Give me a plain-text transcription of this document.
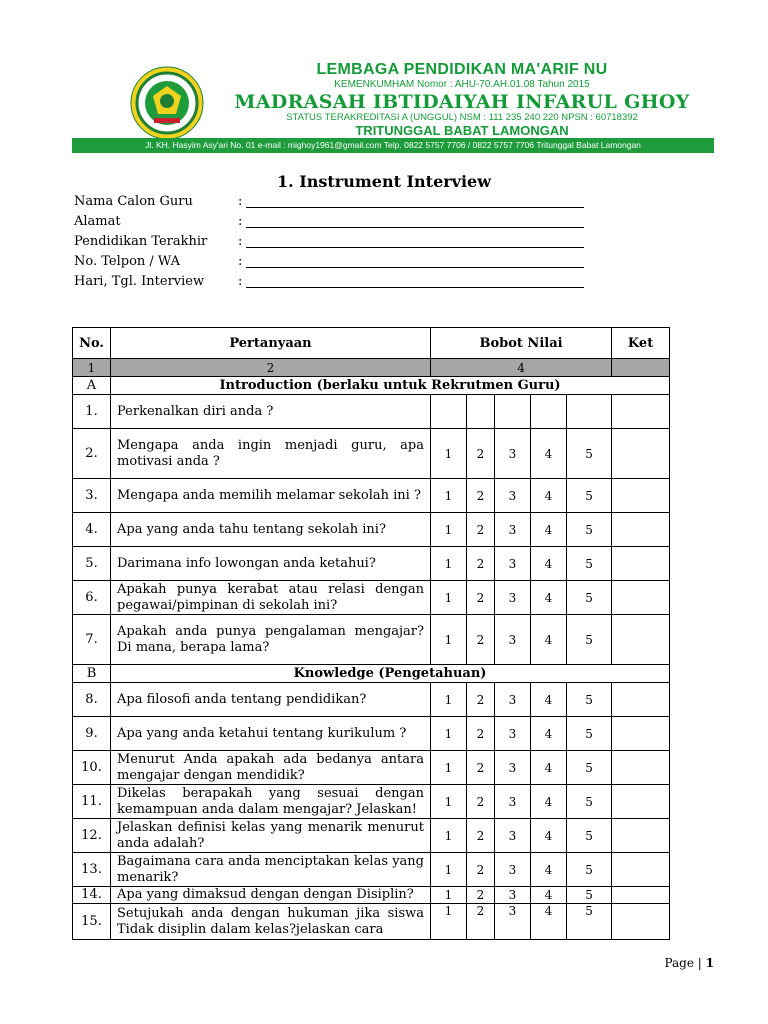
LEMBAGA PENDIDIKAN MA'ARIF NU
KEMENKUMHAM Nomor : AHU-70.AH.01.08 Tahun 2015
MADRASAH IBTIDAIYAH INFARUL GHOY
STATUS TERAKREDITASI A (UNGGUL) NSM : 111 235 240 220 NPSN : 60718392
TRITUNGGAL BABAT LAMONGAN
Jl. KH. Hasyim Asy'ari No. 01 e-mail : mighoy1961@gmail.com Telp. 0822 5757 7706 / 0822 5757 7706 Tritunggal Babat Lamongan
1. Instrument Interview
Nama Calon Guru	:
Alamat	:
Pendidikan Terakhir :
No. Telpon / WA	:
Hari, Tgl. Interview	:
No.	Pertanyaan	Bobot Nilai					Ket
1	2	4					
A	Introduction (berlaku untuk Rekrutmen Guru)						
1.	Perkenalkan diri anda ?						
2.	Mengapa anda ingin menjadi guru, apa motivasi anda ?	1	2	3	4	5	
3.	Mengapa anda memilih melamar sekolah ini ?	1	2	3	4	5	
4.	Apa yang anda tahu tentang sekolah ini?	1	2	3	4	5	
5.	Darimana info lowongan anda ketahui?	1	2	3	4	5	
6.	Apakah punya kerabat atau relasi dengan pegawai/pimpinan di sekolah ini?	1	2	3	4	5	
7.	Apakah anda punya pengalaman mengajar? Di mana, berapa lama?	1	2	3	4	5	
B	Knowledge (Pengetahuan)						
8.	Apa filosofi anda tentang pendidikan?	1	2	3	4	5	
9.	Apa yang anda ketahui tentang kurikulum ?	1	2	3	4	5	
10.	Menurut Anda apakah ada bedanya antara mengajar dengan mendidik?	1	2	3	4	5	
11.	Dikelas berapakah yang sesuai dengan kemampuan anda dalam mengajar? Jelaskan!	1	2	3	4	5	
12.	Jelaskan definisi kelas yang menarik menurut anda adalah?	1	2	3	4	5	
13.	Bagaimana cara anda menciptakan kelas yang menarik?	1	2	3	4	5	
14.	Apa yang dimaksud dengan dengan Disiplin?	1	2	3	4	5	
15.	Setujukah anda dengan hukuman jika siswa Tidak disiplin dalam kelas?jelaskan cara	1	2	3	4	5	
Page | 1
